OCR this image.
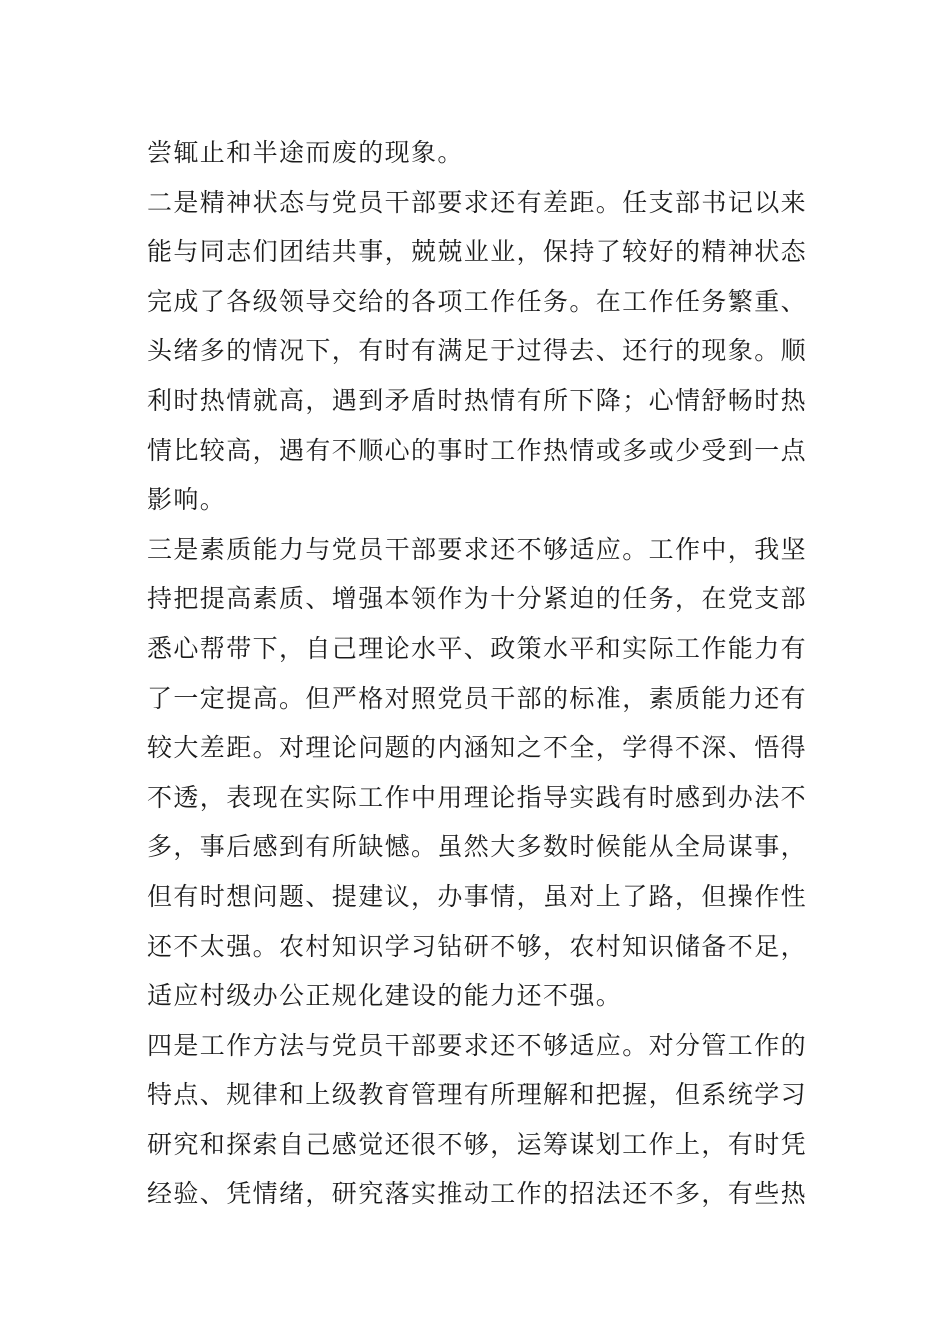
尝辄止和半途而废的现象。
二是精神状态与党员干部要求还有差距。任支部书记以来
能与同志们团结共事，兢兢业业，保持了较好的精神状态
完成了各级领导交给的各项工作任务。在工作任务繁重、
头绪多的情况下，有时有满足于过得去、还行的现象。顺
利时热情就高，遇到矛盾时热情有所下降；心情舒畅时热
情比较高，遇有不顺心的事时工作热情或多或少受到一点
影响。
三是素质能力与党员干部要求还不够适应。工作中，我坚
持把提高素质、增强本领作为十分紧迫的任务，在党支部
悉心帮带下，自己理论水平、政策水平和实际工作能力有
了一定提高。但严格对照党员干部的标准，素质能力还有
较大差距。对理论问题的内涵知之不全，学得不深、悟得
不透，表现在实际工作中用理论指导实践有时感到办法不
多，事后感到有所缺憾。虽然大多数时候能从全局谋事，
但有时想问题、提建议，办事情，虽对上了路，但操作性
还不太强。农村知识学习钻研不够，农村知识储备不足，
适应村级办公正规化建设的能力还不强。
四是工作方法与党员干部要求还不够适应。对分管工作的
特点、规律和上级教育管理有所理解和把握，但系统学习
研究和探索自己感觉还很不够，运筹谋划工作上，有时凭
经验、凭情绪，研究落实推动工作的招法还不多，有些热
